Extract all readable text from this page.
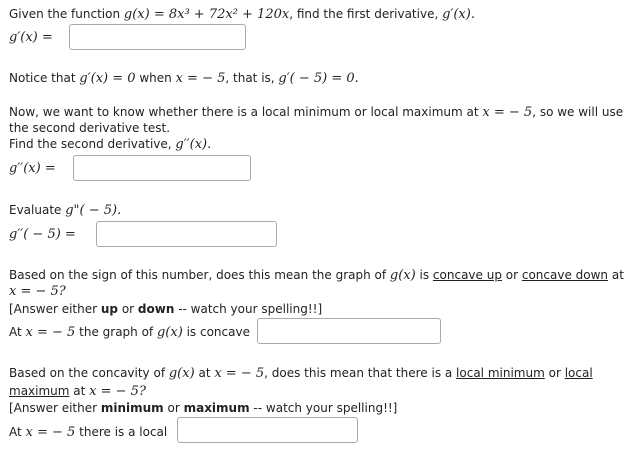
Given the function g(x) = 8x³ + 72x² + 120x, find the first derivative, g′(x).
g′(x) =
Notice that g′(x) = 0 when x = − 5, that is, g′( − 5) = 0.
Now, we want to know whether there is a local minimum or local maximum at x = − 5, so we will use
the second derivative test.
Find the second derivative, g′′(x).
g′′(x) =
Evaluate g"( − 5).
g′′( − 5) =
Based on the sign of this number, does this mean the graph of g(x) is concave up or concave down at
x = − 5?
[Answer either up or down -- watch your spelling!!]
At x = − 5 the graph of g(x) is concave
Based on the concavity of g(x) at x = − 5, does this mean that there is a local minimum or local
maximum at x = − 5?
[Answer either minimum or maximum -- watch your spelling!!]
At x = − 5 there is a local
